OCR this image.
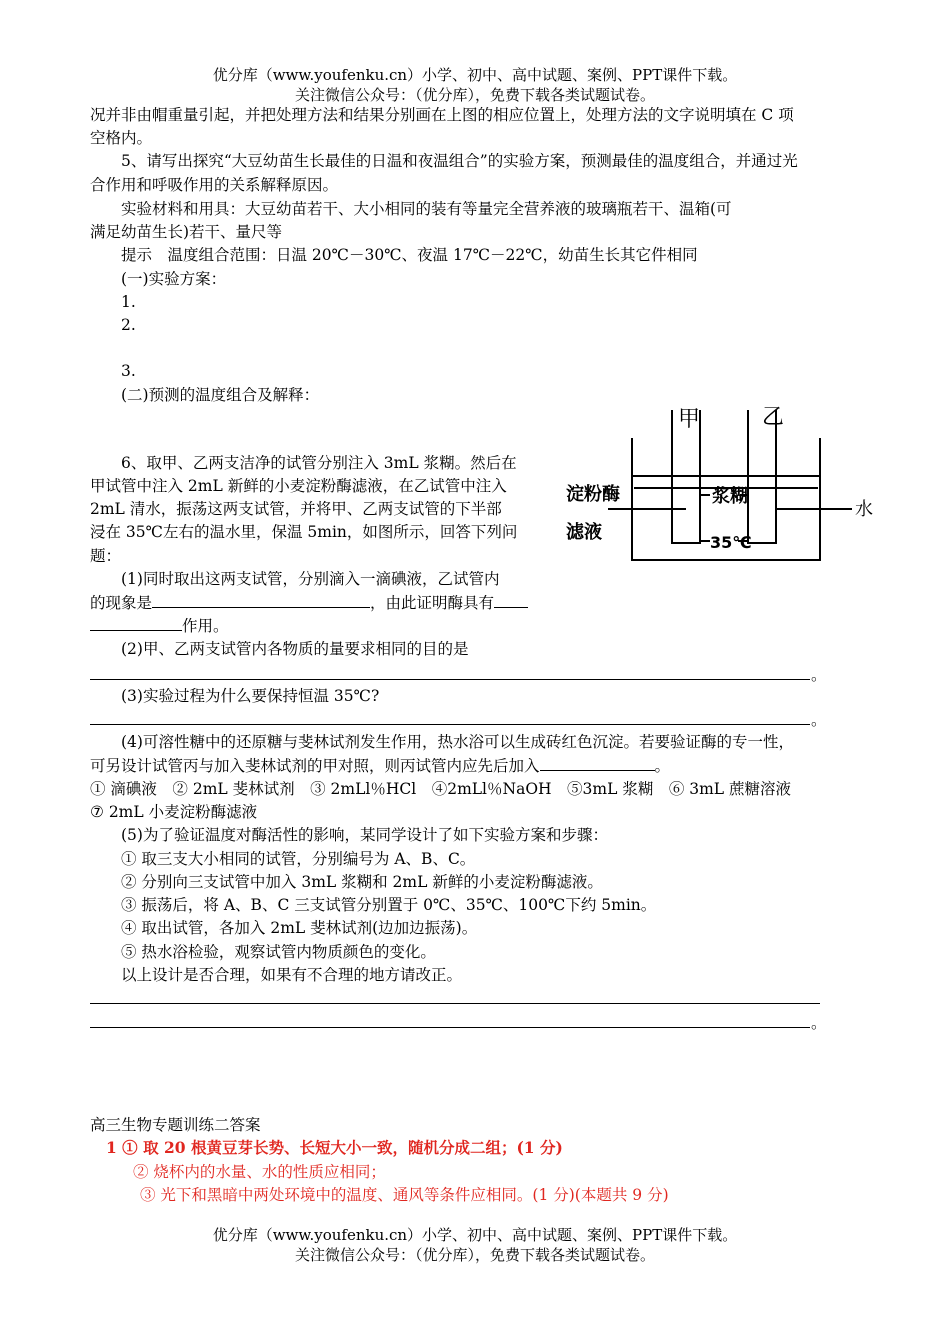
优分库（www.youfenku.cn）小学、初中、高中试题、案例、PPT课件下载。
关注微信公众号：（优分库），免费下载各类试题试卷。
况并非由帽重量引起，并把处理方法和结果分别画在上图的相应位置上，处理方法的文字说明填在 C 项
空格内。
5、请写出探究“大豆幼苗生长最佳的日温和夜温组合”的实验方案，预测最佳的温度组合，并通过光
合作用和呼吸作用的关系解释原因。
实验材料和用具：大豆幼苗若干、大小相同的装有等量完全营养液的玻璃瓶若干、温箱(可
满足幼苗生长)若干、量尺等
提示　温度组合范围：日温 20℃－30℃、夜温 17℃－22℃，幼苗生长其它件相同
(一)实验方案：
1.
2.
3.
(二)预测的温度组合及解释：
甲	乙
淀粉酶
滤液
浆糊
水
35℃
6、取甲、乙两支洁净的试管分别注入 3mL 浆糊。然后在
甲试管中注入 2mL 新鲜的小麦淀粉酶滤液，在乙试管中注入
2mL 清水，振荡这两支试管，并将甲、乙两支试管的下半部
浸在 35℃左右的温水里，保温 5min，如图所示，回答下列问
题：
(1)同时取出这两支试管，分别滴入一滴碘液，乙试管内
的现象是	，由此证明酶具有
作用。
(2)甲、乙两支试管内各物质的量要求相同的目的是
。
(3)实验过程为什么要保持恒温 35℃?
。
(4)可溶性糖中的还原糖与斐林试剂发生作用，热水浴可以生成砖红色沉淀。若要验证酶的专一性，
可另设计试管丙与加入斐林试剂的甲对照，则丙试管内应先后加入	。
① 滴碘液　② 2mL 斐林试剂　③ 2mLl％HCl　④2mLl％NaOH　⑤3mL 浆糊　⑥ 3mL 蔗糖溶液
⑦ 2mL 小麦淀粉酶滤液
(5)为了验证温度对酶活性的影响，某同学设计了如下实验方案和步骤：
① 取三支大小相同的试管，分别编号为 A、B、C。
② 分别向三支试管中加入 3mL 浆糊和 2mL 新鲜的小麦淀粉酶滤液。
③ 振荡后，将 A、B、C 三支试管分别置于 0℃、35℃、100℃下约 5min。
④ 取出试管，各加入 2mL 斐林试剂(边加边振荡)。
⑤ 热水浴检验，观察试管内物质颜色的变化。
以上设计是否合理，如果有不合理的地方请改正。
。
高三生物专题训练二答案
1 ① 取 20 根黄豆芽长势、长短大小一致，随机分成二组；(1 分)
② 烧杯内的水量、水的性质应相同；
③ 光下和黑暗中两处环境中的温度、通风等条件应相同。(1 分)(本题共 9 分)
优分库（www.youfenku.cn）小学、初中、高中试题、案例、PPT课件下载。
关注微信公众号：（优分库），免费下载各类试题试卷。
